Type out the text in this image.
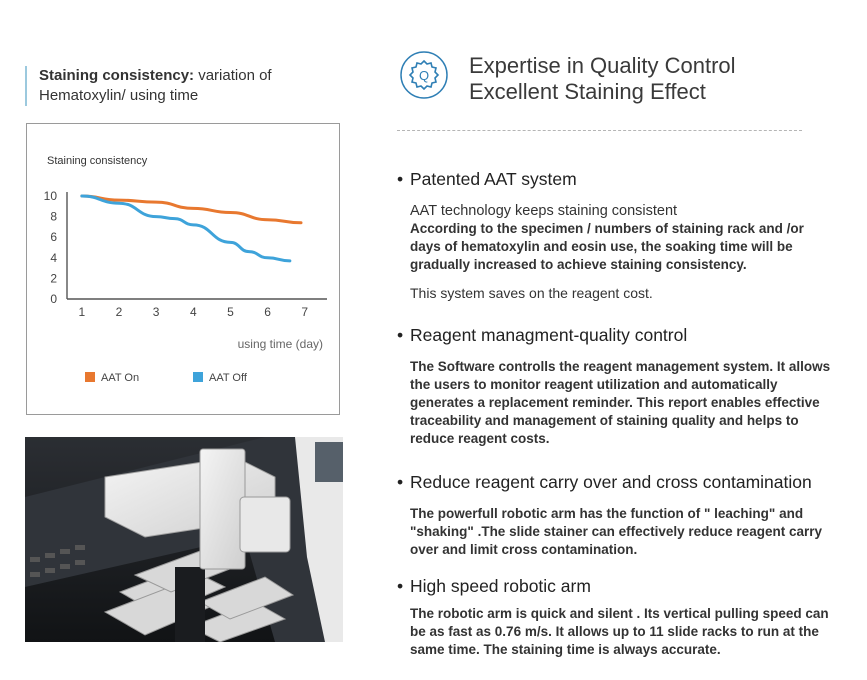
Staining consistency: variation of Hematoxylin/ using time
Staining consistency
0
2
4
6
8
10
1	2	3	4	5	6	7
using time (day)
AAT On	AAT Off
Q Expertise in Quality Control
Excellent Staining Effect
• Patented AAT system
AAT technology keeps staining consistent
According to the specimen / numbers of staining rack and /or days of hematoxylin and eosin use, the soaking time will be gradually increased to achieve staining consistency.
This system saves on the reagent cost.
• Reagent managment-quality control
The Software controlls the reagent management system. It allows the users to monitor reagent utilization and automatically generates a replacement reminder. This report enables effective traceability and management of staining quality and helps to reduce reagent costs.
• Reduce reagent carry over and cross contamination
The powerfull robotic arm has the function of " leaching" and "shaking" .The slide stainer can effectively reduce reagent carry over and limit cross contamination.
• High speed robotic arm
The robotic arm is quick and silent . Its vertical pulling speed can be as fast as 0.76 m/s. It allows up to 11 slide racks to run at the same time. The staining time is always accurate.
